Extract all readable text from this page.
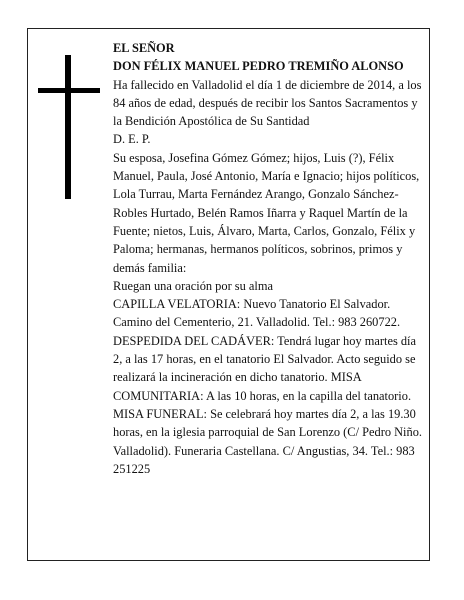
EL SEÑOR

DON FÉLIX MANUEL PEDRO TREMIÑO ALONSO

Ha fallecido en Valladolid el día 1 de diciembre de 2014, a los 84 años de edad, después de recibir los Santos Sacramentos y la Bendición Apostólica de Su Santidad

D. E. P.

Su esposa, Josefina Gómez Gómez; hijos, Luis (?), Félix Manuel, Paula, José Antonio, María e Ignacio; hijos políticos, Lola Turrau, Marta Fernández Arango, Gonzalo Sánchez-Robles Hurtado, Belén Ramos Iñarra y Raquel Martín de la Fuente; nietos, Luis, Álvaro, Marta, Carlos, Gonzalo, Félix y Paloma; hermanas, hermanos políticos, sobrinos, primos y demás familia:

Ruegan una oración por su alma

CAPILLA VELATORIA: Nuevo Tanatorio El Salvador. Camino del Cementerio, 21. Valladolid. Tel.: 983 260722.

DESPEDIDA DEL CADÁVER: Tendrá lugar hoy martes día 2, a las 17 horas, en el tanatorio El Salvador. Acto seguido se realizará la incineración en dicho tanatorio. MISA COMUNITARIA: A las 10 horas, en la capilla del tanatorio.

MISA FUNERAL: Se celebrará hoy martes día 2, a las 19.30 horas, en la iglesia parroquial de San Lorenzo (C/ Pedro Niño. Valladolid). Funeraria Castellana. C/ Angustias, 34. Tel.: 983 251225
